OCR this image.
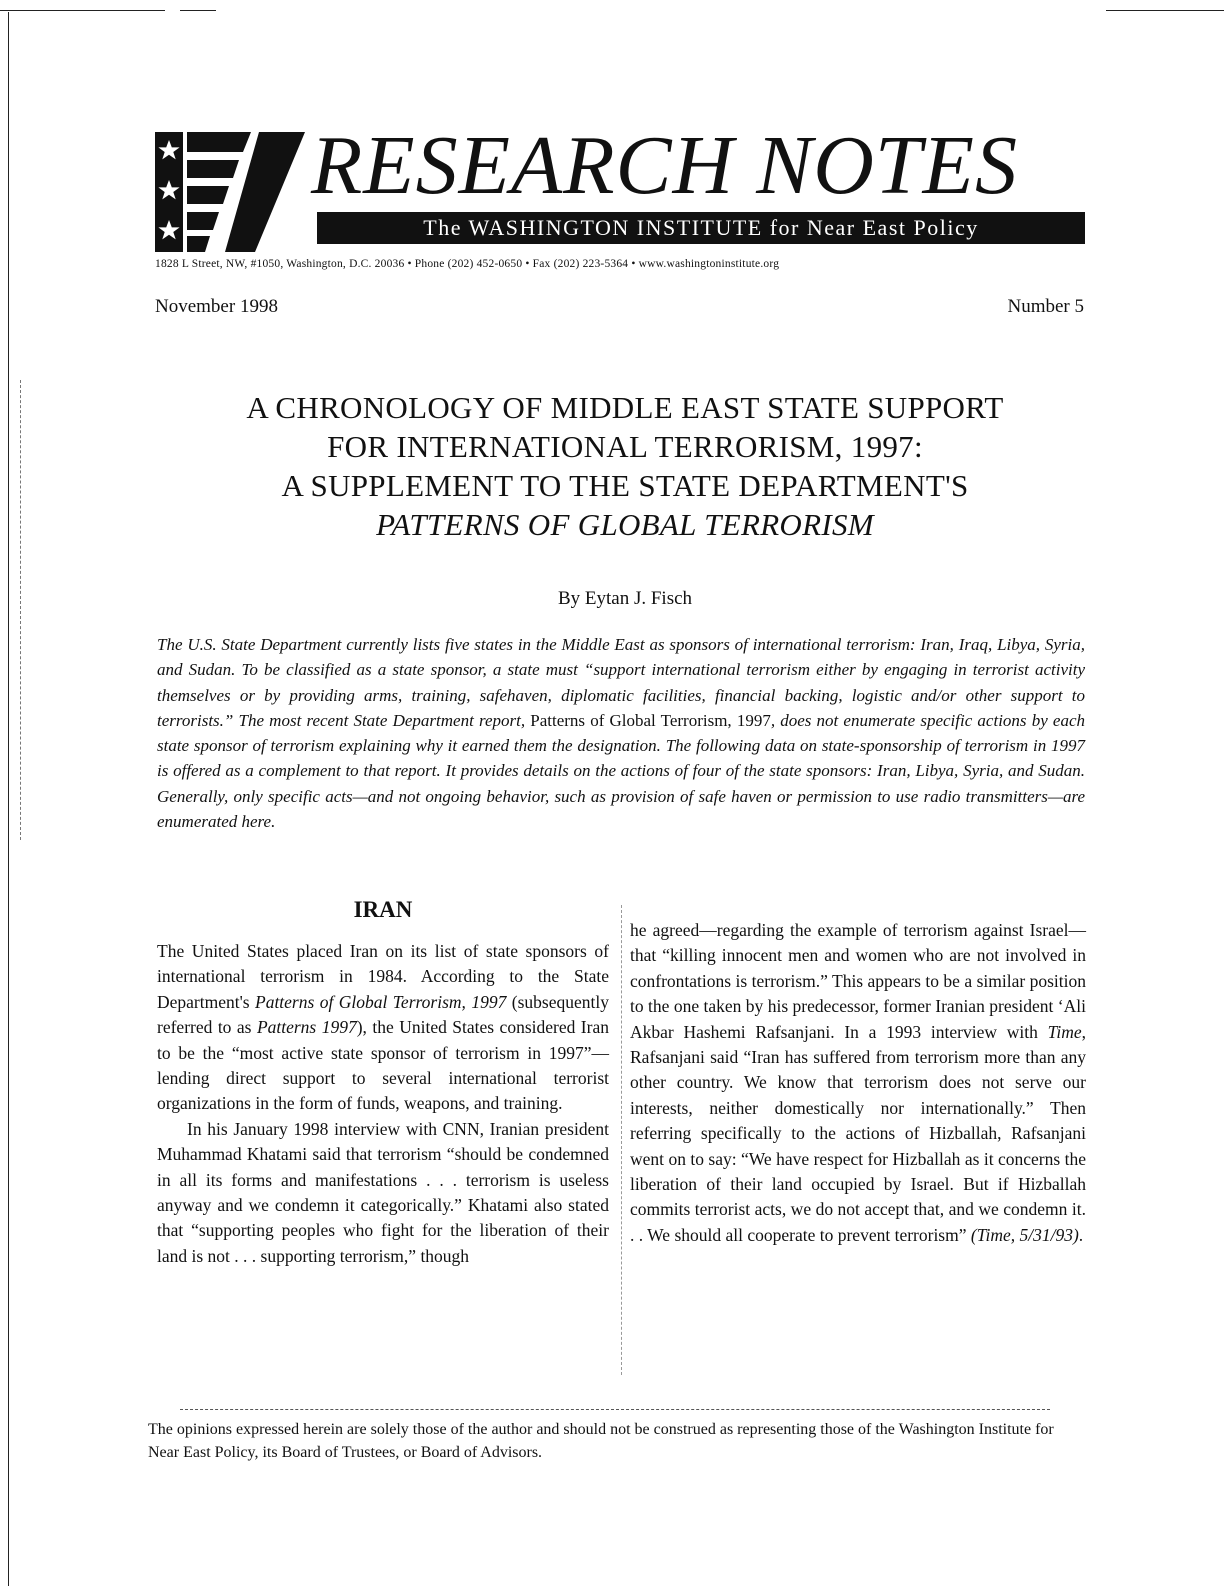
RESEARCH NOTES
The WASHINGTON INSTITUTE for Near East Policy
1828 L Street, NW, #1050, Washington, D.C. 20036 • Phone (202) 452-0650 • Fax (202) 223-5364 • www.washingtoninstitute.org
November 1998	Number 5
A CHRONOLOGY OF MIDDLE EAST STATE SUPPORT
FOR INTERNATIONAL TERRORISM, 1997:
A SUPPLEMENT TO THE STATE DEPARTMENT'S
PATTERNS OF GLOBAL TERRORISM
By Eytan J. Fisch
The U.S. State Department currently lists five states in the Middle East as sponsors of international terrorism: Iran, Iraq, Libya, Syria, and Sudan. To be classified as a state sponsor, a state must “support international terrorism either by engaging in terrorist activity themselves or by providing arms, training, safehaven, diplomatic facilities, financial backing, logistic and/or other support to terrorists.” The most recent State Department report, Patterns of Global Terrorism, 1997, does not enumerate specific actions by each state sponsor of terrorism explaining why it earned them the designation. The following data on state-sponsorship of terrorism in 1997 is offered as a complement to that report. It provides details on the actions of four of the state sponsors: Iran, Libya, Syria, and Sudan. Generally, only specific acts—and not ongoing behavior, such as provision of safe haven or permission to use radio transmitters—are enumerated here.
IRAN

The United States placed Iran on its list of state sponsors of international terrorism in 1984. According to the State Department's Patterns of Global Terrorism, 1997 (subsequently referred to as Patterns 1997), the United States considered Iran to be the “most active state sponsor of terrorism in 1997”—lending direct support to several international terrorist organizations in the form of funds, weapons, and training.

In his January 1998 interview with CNN, Iranian president Muhammad Khatami said that terrorism “should be condemned in all its forms and manifestations . . . terrorism is useless anyway and we condemn it categorically.” Khatami also stated that “supporting peoples who fight for the liberation of their land is not . . . supporting terrorism,” though

he agreed—regarding the example of terrorism against Israel—that “killing innocent men and women who are not involved in confrontations is terrorism.” This appears to be a similar position to the one taken by his predecessor, former Iranian president ‘Ali Akbar Hashemi Rafsanjani. In a 1993 interview with Time, Rafsanjani said “Iran has suffered from terrorism more than any other country. We know that terrorism does not serve our interests, neither domestically nor internationally.” Then referring specifically to the actions of Hizballah, Rafsanjani went on to say: “We have respect for Hizballah as it concerns the liberation of their land occupied by Israel. But if Hizballah commits terrorist acts, we do not accept that, and we condemn it. . . We should all cooperate to prevent terrorism” (Time, 5/31/93).

The opinions expressed herein are solely those of the author and should not be construed as representing those of the Washington Institute for Near East Policy, its Board of Trustees, or Board of Advisors.
